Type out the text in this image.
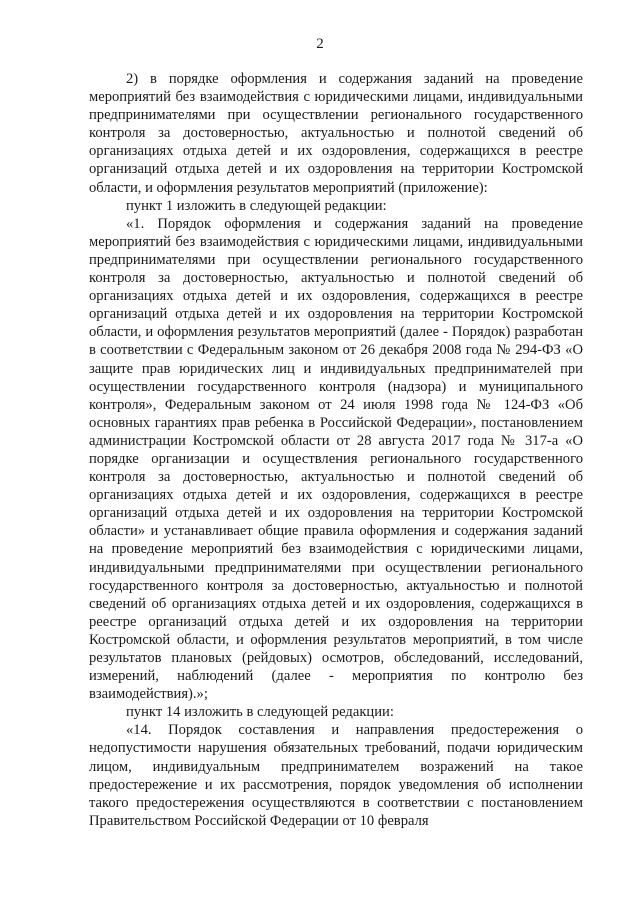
2

2) в порядке оформления и содержания заданий на проведение мероприятий без взаимодействия с юридическими лицами, индивидуальными предпринимателями при осуществлении регионального государственного контроля за достоверностью, актуальностью и полнотой сведений об организациях отдыха детей и их оздоровления, содержащихся в реестре организаций отдыха детей и их оздоровления на территории Костромской области, и оформления результатов мероприятий (приложение):

пункт 1 изложить в следующей редакции:

«1. Порядок оформления и содержания заданий на проведение мероприятий без взаимодействия с юридическими лицами, индивидуальными предпринимателями при осуществлении регионального государственного контроля за достоверностью, актуальностью и полнотой сведений об организациях отдыха детей и их оздоровления, содержащихся в реестре организаций отдыха детей и их оздоровления на территории Костромской области, и оформления результатов мероприятий (далее - Порядок) разработан в соответствии с Федеральным законом от 26 декабря 2008 года № 294-ФЗ «О защите прав юридических лиц и индивидуальных предпринимателей при осуществлении государственного контроля (надзора) и муниципального контроля», Федеральным законом от 24 июля 1998 года № 124-ФЗ «Об основных гарантиях прав ребенка в Российской Федерации», постановлением администрации Костромской области от 28 августа 2017 года № 317-а «О порядке организации и осуществления регионального государственного контроля за достоверностью, актуальностью и полнотой сведений об организациях отдыха детей и их оздоровления, содержащихся в реестре организаций отдыха детей и их оздоровления на территории Костромской области» и устанавливает общие правила оформления и содержания заданий на проведение мероприятий без взаимодействия с юридическими лицами, индивидуальными предпринимателями при осуществлении регионального государственного контроля за достоверностью, актуальностью и полнотой сведений об организациях отдыха детей и их оздоровления, содержащихся в реестре организаций отдыха детей и их оздоровления на территории Костромской области, и оформления результатов мероприятий, в том числе результатов плановых (рейдовых) осмотров, обследований, исследований, измерений, наблюдений (далее - мероприятия по контролю без взаимодействия).»;

пункт 14 изложить в следующей редакции:

«14. Порядок составления и направления предостережения о недопустимости нарушения обязательных требований, подачи юридическим лицом, индивидуальным предпринимателем возражений на такое предостережение и их рассмотрения, порядок уведомления об исполнении такого предостережения осуществляются в соответствии с постановлением Правительством Российской Федерации от 10 февраля
